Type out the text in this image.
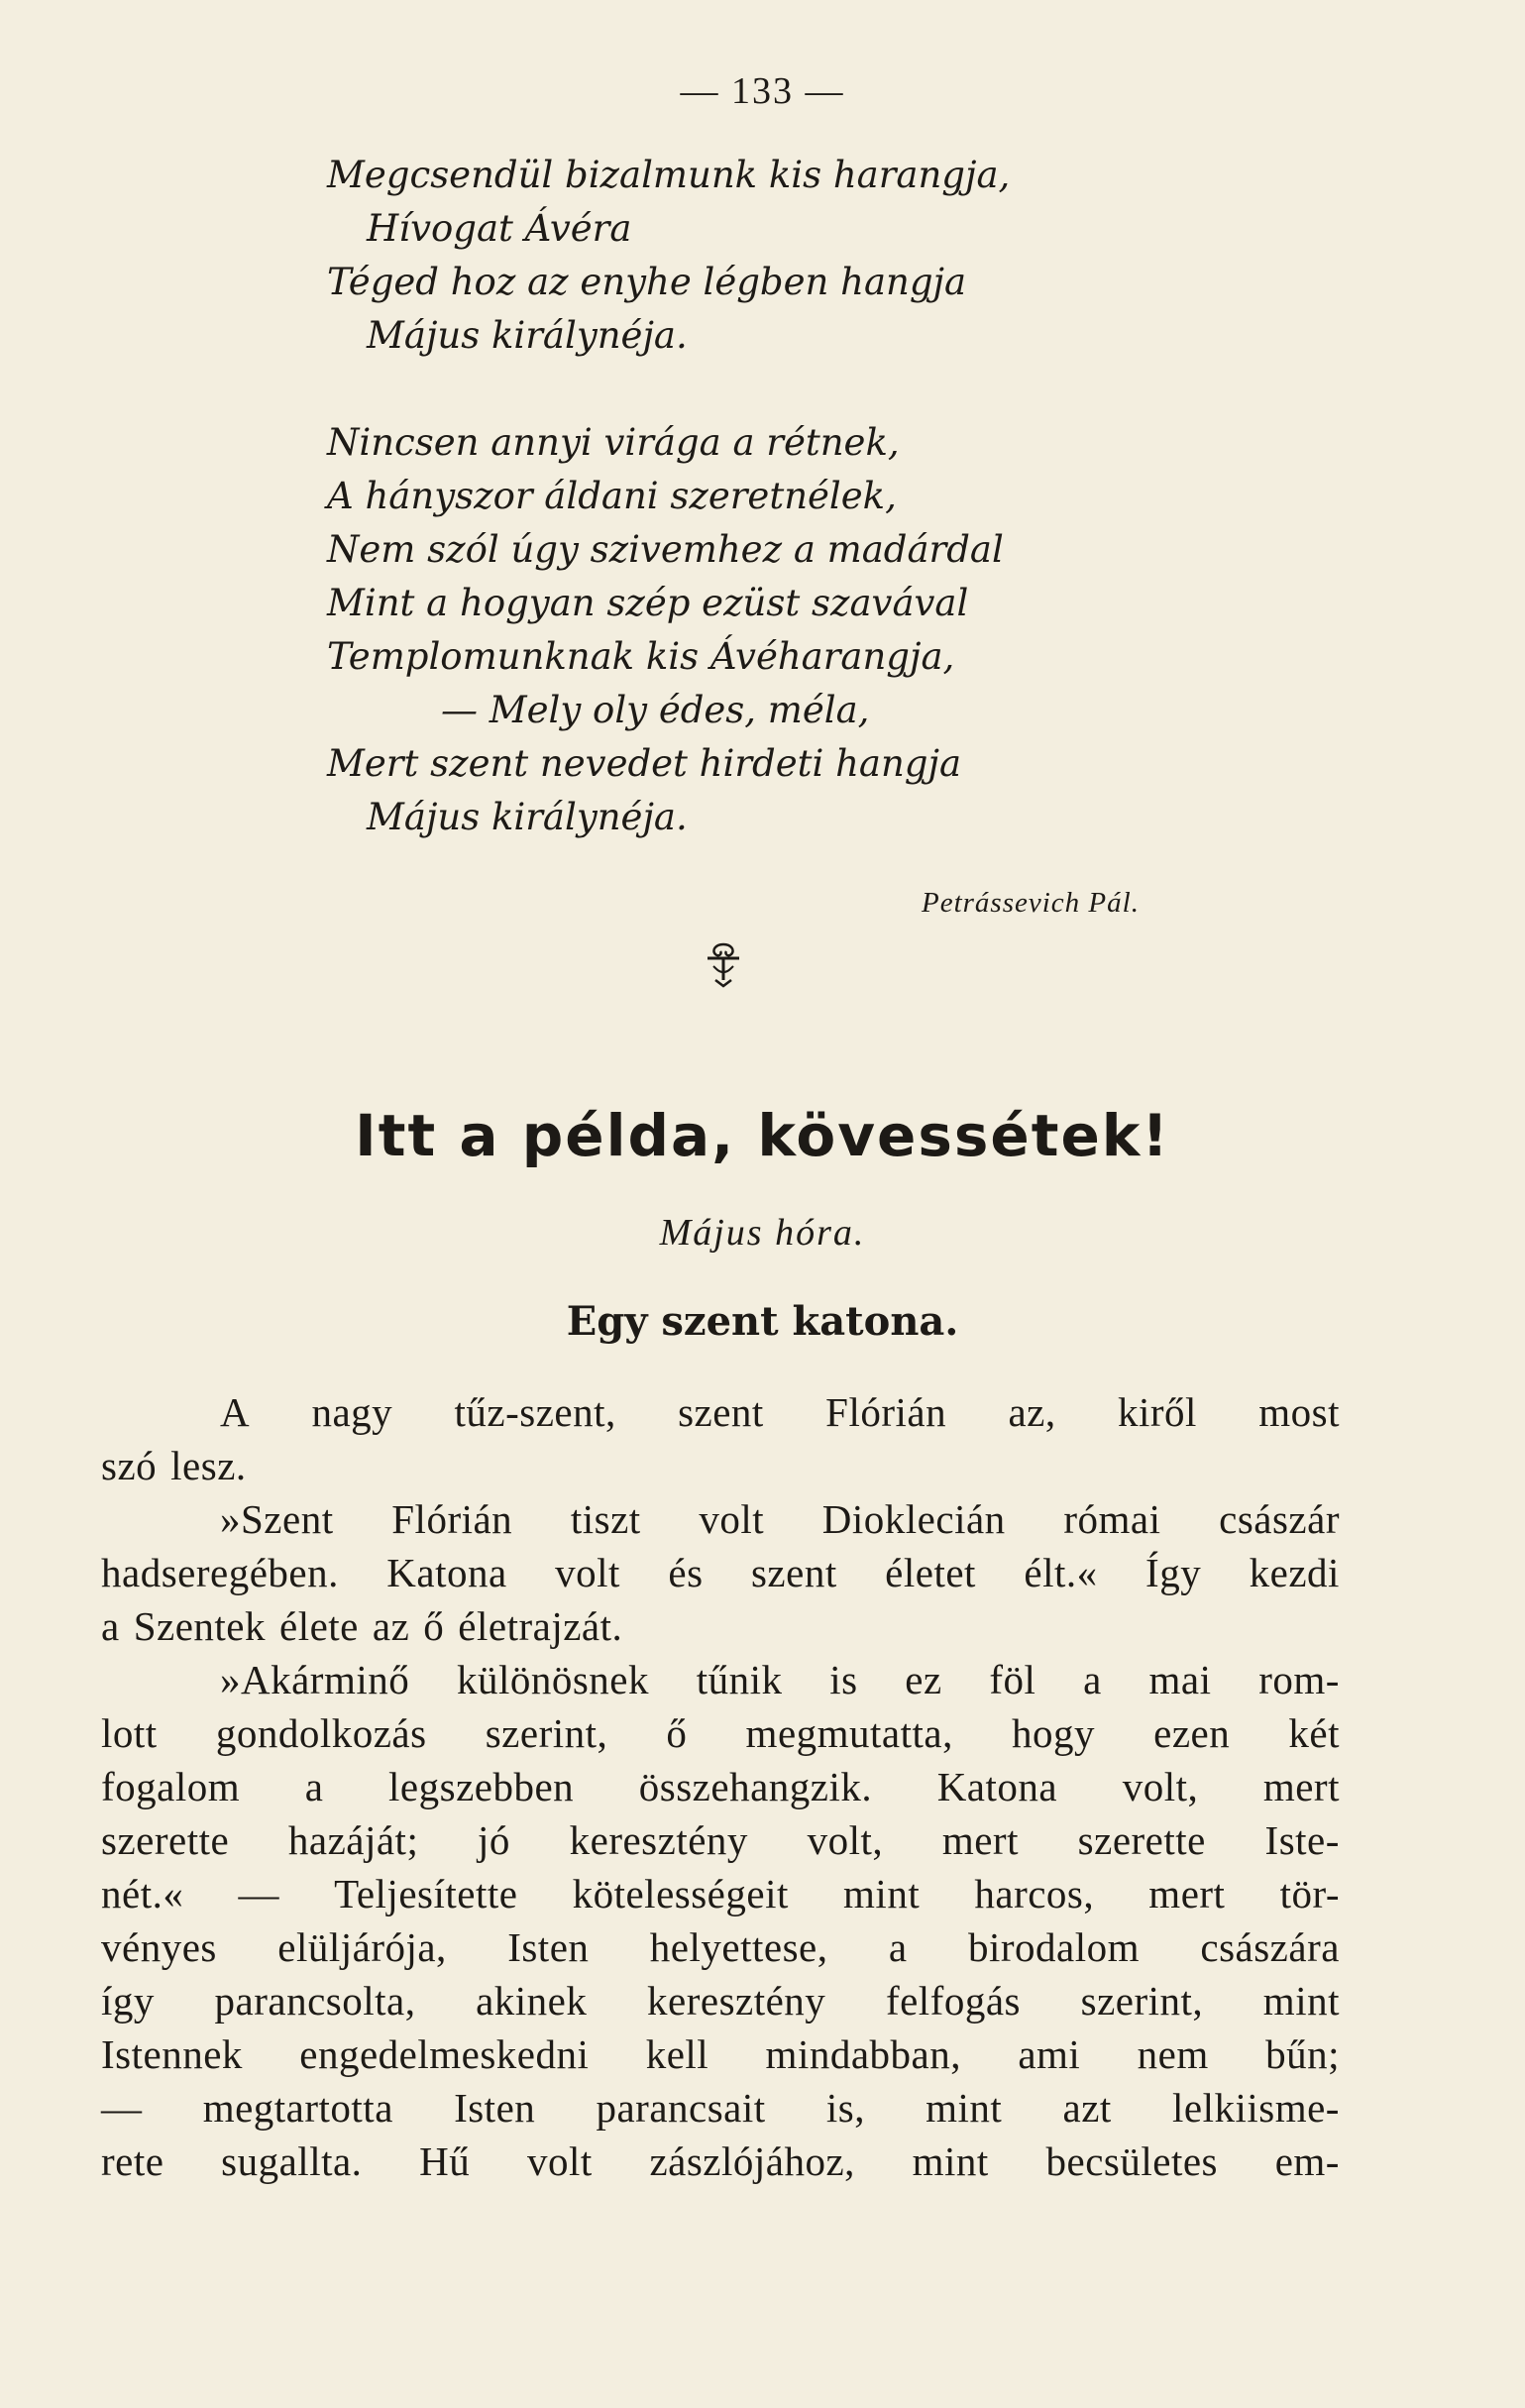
— 133 —
Megcsendül bizalmunk kis harangja,
Hívogat Ávéra
Téged hoz az enyhe légben hangja
Május királynéja.
Nincsen annyi virága a rétnek,
A hányszor áldani szeretnélek,
Nem szól úgy szivemhez a madárdal
Mint a hogyan szép ezüst szavával
Templomunknak kis Ávéharangja,
— Mely oly édes, méla,
Mert szent nevedet hirdeti hangja
Május királynéja.
Petrássevich Pál.
Itt a példa, kövessétek!
Május hóra.
Egy szent katona.
A nagy tűz-szent, szent Flórián az, kiről most
szó lesz.
»Szent Flórián tiszt volt Dioklecián római császár
hadseregében. Katona volt és szent életet élt.« Így kezdi
a Szentek élete az ő életrajzát.
»Akárminő különösnek tűnik is ez föl a mai rom-
lott gondolkozás szerint, ő megmutatta, hogy ezen két
fogalom a legszebben összehangzik. Katona volt, mert
szerette hazáját; jó keresztény volt, mert szerette Iste-
nét.« — Teljesítette kötelességeit mint harcos, mert tör-
vényes elüljárója, Isten helyettese, a birodalom császára
így parancsolta, akinek keresztény felfogás szerint, mint
Istennek engedelmeskedni kell mindabban, ami nem bűn;
— megtartotta Isten parancsait is, mint azt lelkiisme-
rete sugallta. Hű volt zászlójához, mint becsületes em-
